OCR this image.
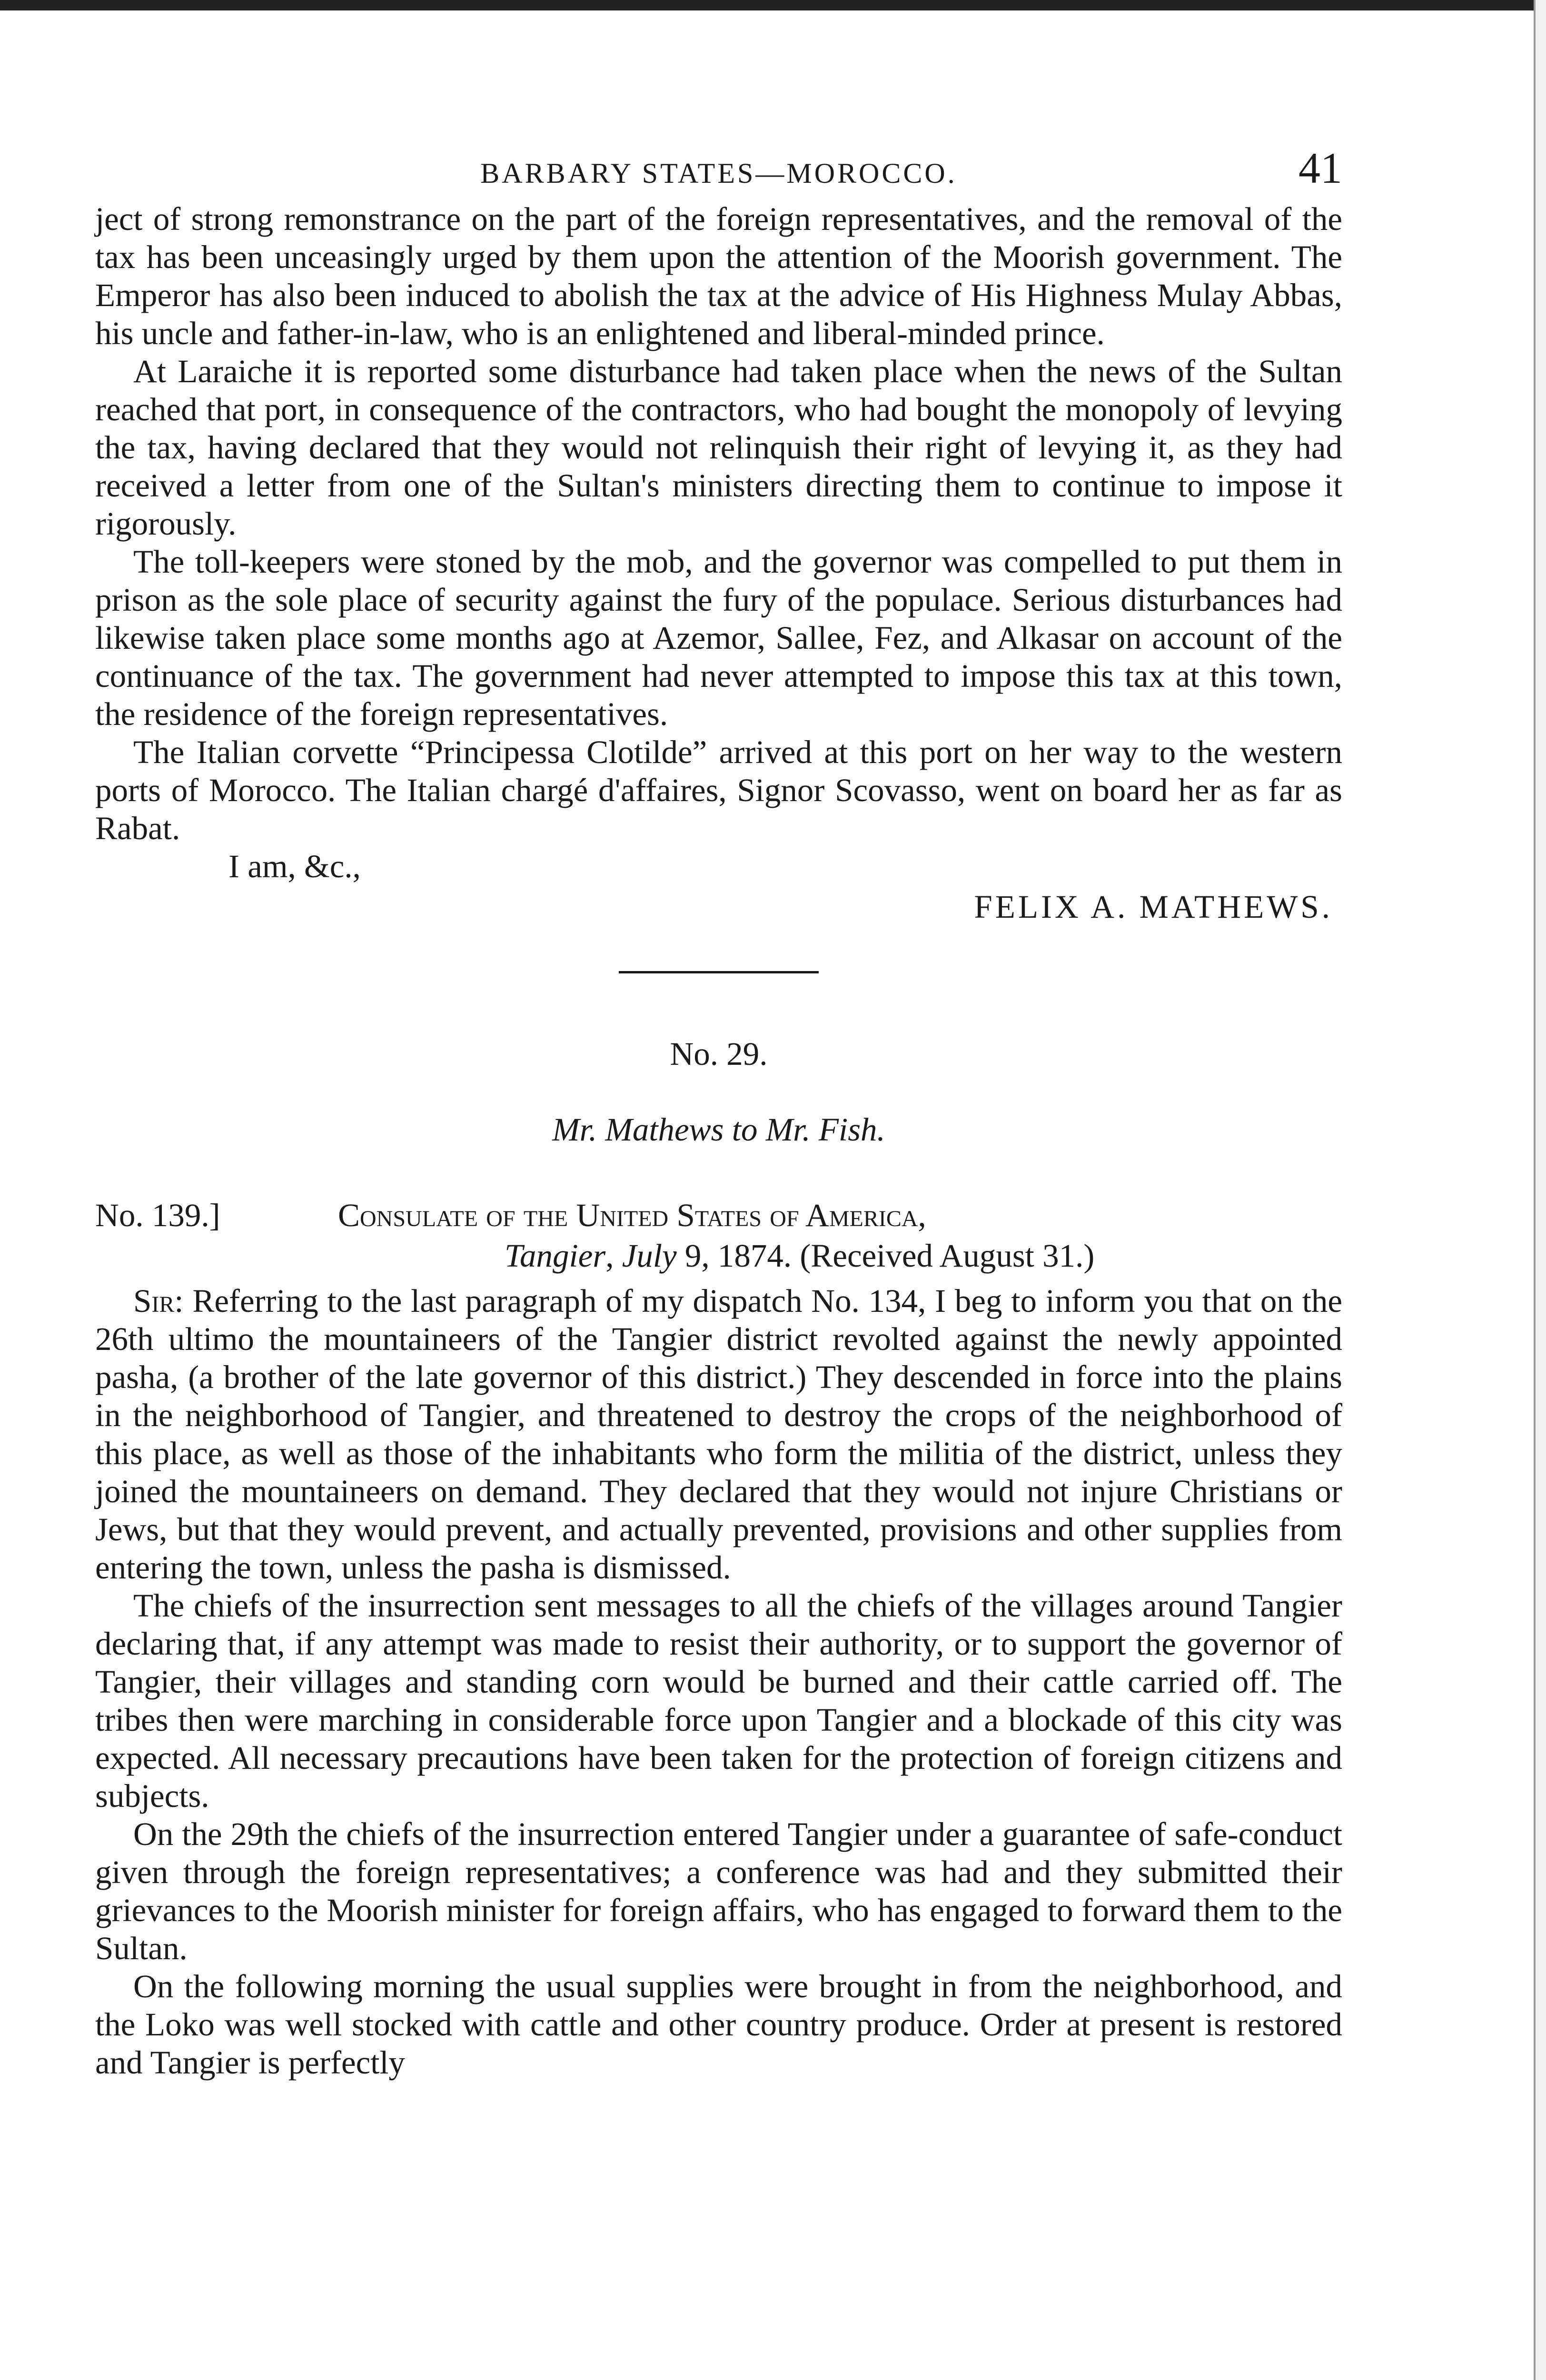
BARBARY STATES—MOROCCO.	41

ject of strong remonstrance on the part of the foreign representatives, and the removal of the tax has been unceasingly urged by them upon the attention of the Moorish government. The Emperor has also been induced to abolish the tax at the advice of His Highness Mulay Abbas, his uncle and father-in-law, who is an enlightened and liberal-minded prince.

At Laraiche it is reported some disturbance had taken place when the news of the Sultan reached that port, in consequence of the contractors, who had bought the monopoly of levying the tax, having declared that they would not relinquish their right of levying it, as they had received a letter from one of the Sultan's ministers directing them to continue to impose it rigorously.

The toll-keepers were stoned by the mob, and the governor was compelled to put them in prison as the sole place of security against the fury of the populace. Serious disturbances had likewise taken place some months ago at Azemor, Sallee, Fez, and Alkasar on account of the continuance of the tax. The government had never attempted to impose this tax at this town, the residence of the foreign representatives.

The Italian corvette “Principessa Clotilde” arrived at this port on her way to the western ports of Morocco. The Italian chargé d'affaires, Signor Scovasso, went on board her as far as Rabat.

I am, &c.,
FELIX A. MATHEWS.
No. 29.
Mr. Mathews to Mr. Fish.
No. 139.]	Consulate of the United States of America,
Tangier, July 9, 1874. (Received August 31.)

Sir: Referring to the last paragraph of my dispatch No. 134, I beg to inform you that on the 26th ultimo the mountaineers of the Tangier district revolted against the newly appointed pasha, (a brother of the late governor of this district.) They descended in force into the plains in the neighborhood of Tangier, and threatened to destroy the crops of the neighborhood of this place, as well as those of the inhabitants who form the militia of the district, unless they joined the mountaineers on demand. They declared that they would not injure Christians or Jews, but that they would prevent, and actually prevented, provisions and other supplies from entering the town, unless the pasha is dismissed.

The chiefs of the insurrection sent messages to all the chiefs of the villages around Tangier declaring that, if any attempt was made to resist their authority, or to support the governor of Tangier, their villages and standing corn would be burned and their cattle carried off. The tribes then were marching in considerable force upon Tangier and a blockade of this city was expected. All necessary precautions have been taken for the protection of foreign citizens and subjects.

On the 29th the chiefs of the insurrection entered Tangier under a guarantee of safe-conduct given through the foreign representatives; a conference was had and they submitted their grievances to the Moorish minister for foreign affairs, who has engaged to forward them to the Sultan.

On the following morning the usual supplies were brought in from the neighborhood, and the Loko was well stocked with cattle and other country produce. Order at present is restored and Tangier is perfectly
